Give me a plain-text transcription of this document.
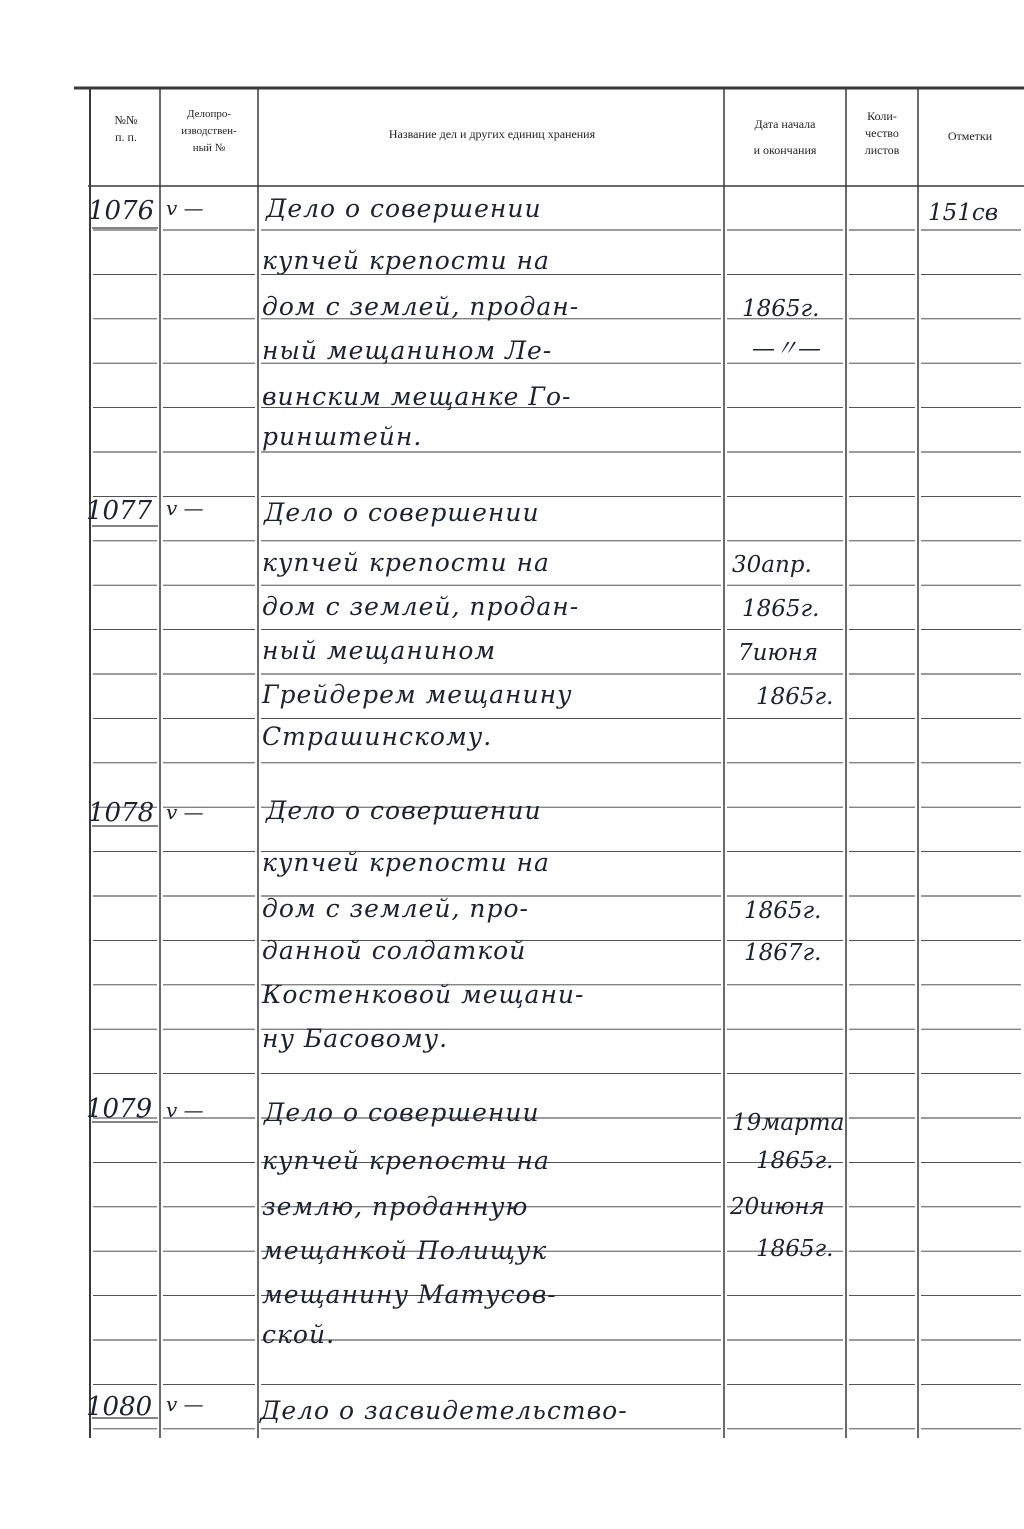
№№
п. п.
Делопро-
изводствен-
ный №
Название дел и других единиц хранения
Дата начала
и окончания
Коли-
чество
листов
Отметки
1076 v — Дело о совершении
купчей крепости на
дом с землей, продан-
ный мещанином Ле-
винским мещанке Го-
ринштейн.
1865г.
—〃—
151св
1077 v — Дело о совершении
купчей крепости на
дом с землей, продан-
ный мещанином
Грейдерем мещанину
Страшинскому.
30апр.
1865г.
7июня
1865г.
1078 v — Дело о совершении
купчей крепости на
дом с землей, про-
данной солдаткой
Костенковой мещани-
ну Басовому.
1865г.
1867г.
1079 v — Дело о совершении
купчей крепости на
землю, проданную
мещанкой Полищук
мещанину Матусов-
ской.
19марта
1865г.
20июня
1865г.
1080 v — Дело о засвидетельство-
